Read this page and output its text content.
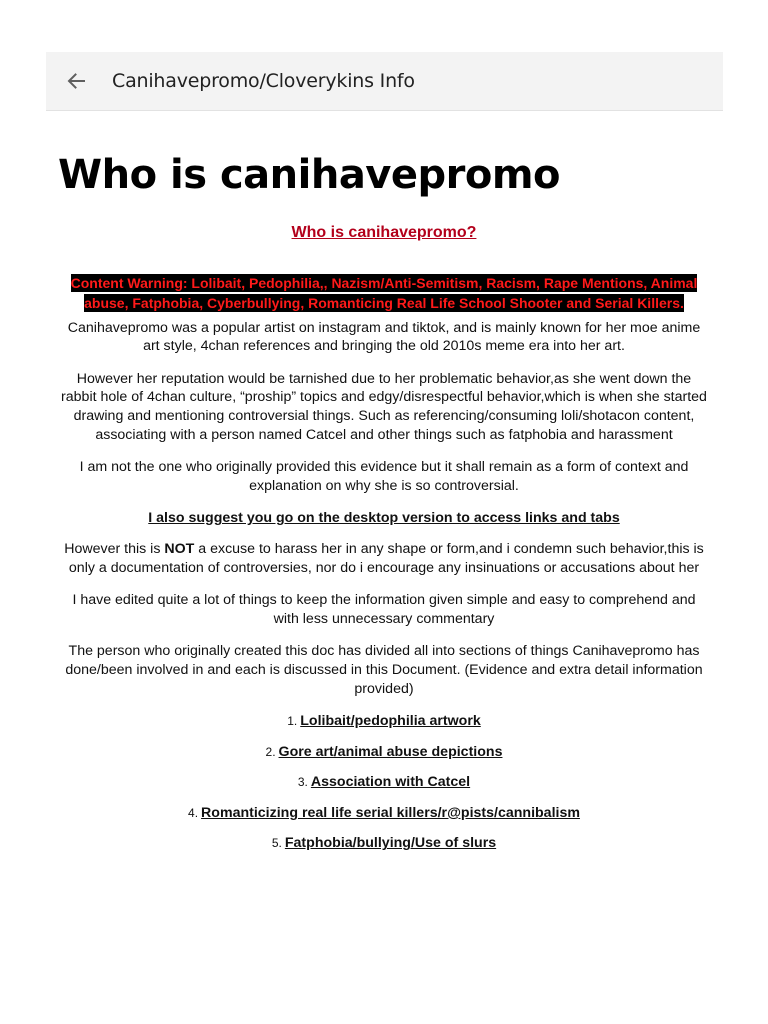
Canihavepromo/Cloverykins Info
Who is canihavepromo

Who is canihavepromo?

Content Warning: Lolibait, Pedophilia,, Nazism/Anti-Semitism, Racism, Rape Mentions, Animal abuse, Fatphobia, Cyberbullying, Romanticing Real Life School Shooter and Serial Killers.

Canihavepromo was a popular artist on instagram and tiktok, and is mainly known for her moe anime art style, 4chan references and bringing the old 2010s meme era into her art.

However her reputation would be tarnished due to her problematic behavior,as she went down the rabbit hole of 4chan culture, “proship” topics and edgy/disrespectful behavior,which is when she started drawing and mentioning controversial things. Such as referencing/consuming loli/shotacon content, associating with a person named Catcel and other things such as fatphobia and harassment

I am not the one who originally provided this evidence but it shall remain as a form of context and explanation on why she is so controversial.

I also suggest you go on the desktop version to access links and tabs

However this is NOT a excuse to harass her in any shape or form,and i condemn such behavior,this is only a documentation of controversies, nor do i encourage any insinuations or accusations about her

I have edited quite a lot of things to keep the information given simple and easy to comprehend and with less unnecessary commentary

The person who originally created this doc has divided all into sections of things Canihavepromo has done/been involved in and each is discussed in this Document. (Evidence and extra detail information provided)

1. Lolibait/pedophilia artwork
2. Gore art/animal abuse depictions
3. Association with Catcel
4. Romanticizing real life serial killers/r@pists/cannibalism
5. Fatphobia/bullying/Use of slurs
